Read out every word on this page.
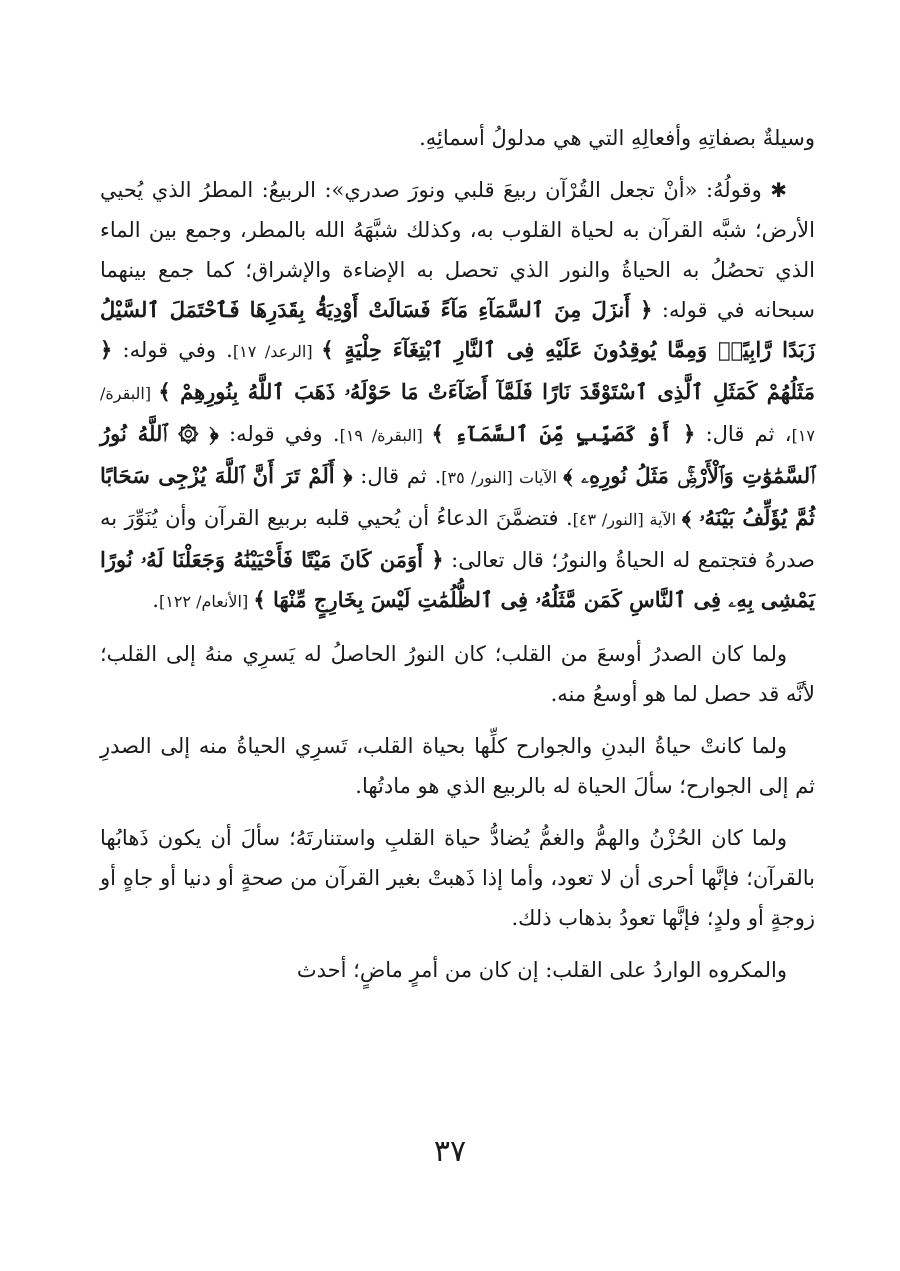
وسيلةٌ بصفاتِهِ وأفعالِهِ التي هي مدلولُ أسمائِهِ.

✱ وقولُهُ: «أنْ تجعل القُرْآن ربيعَ قلبي ونورَ صدري»: الربيعُ: المطرُ الذي يُحيي الأرض؛ شبَّه القرآن به لحياة القلوب به، وكذلك شبَّهَهُ الله بالمطر، وجمع بين الماء الذي تحصُلُ به الحياةُ والنور الذي تحصل به الإضاءة والإشراق؛ كما جمع بينهما سبحانه في قوله: ﴿ أَنزَلَ مِنَ ٱلسَّمَآءِ مَآءً فَسَالَتْ أَوْدِيَةُۢ بِقَدَرِهَا فَٱحْتَمَلَ ٱلسَّيْلُ زَبَدًا رَّابِيًاۚ وَمِمَّا يُوقِدُونَ عَلَيْهِ فِى ٱلنَّارِ ٱبْتِغَآءَ حِلْيَةٍ ﴾ [الرعد/ ١٧]. وفي قوله: ﴿ مَثَلُهُمْ كَمَثَلِ ٱلَّذِى ٱسْتَوْقَدَ نَارًا فَلَمَّآ أَضَآءَتْ مَا حَوْلَهُۥ ذَهَبَ ٱللَّهُ بِنُورِهِمْ ﴾ [البقرة/ ١٧]، ثم قال: ﴿ أَوْ كَصَيِّبٍ مِّنَ ٱلسَّمَآءِ ﴾ [البقرة/ ١٩]. وفي قوله: ﴿ ۞ ٱللَّهُ نُورُ ٱلسَّمَٰوَٰتِ وَٱلْأَرْضِۚ مَثَلُ نُورِهِۦ ﴾ الآيات [النور/ ٣٥]. ثم قال: ﴿ أَلَمْ تَرَ أَنَّ ٱللَّهَ يُزْجِى سَحَابًا ثُمَّ يُؤَلِّفُ بَيْنَهُۥ ﴾ الآية [النور/ ٤٣]. فتضمَّنَ الدعاءُ أن يُحيي قلبه بربيع القرآن وأن يُنَوِّرَ به صدرهُ فتجتمع له الحياةُ والنورُ؛ قال تعالى: ﴿ أَوَمَن كَانَ مَيْتًا فَأَحْيَيْنَٰهُ وَجَعَلْنَا لَهُۥ نُورًا يَمْشِى بِهِۦ فِى ٱلنَّاسِ كَمَن مَّثَلُهُۥ فِى ٱلظُّلُمَٰتِ لَيْسَ بِخَارِجٍ مِّنْهَا ﴾ [الأنعام/ ١٢٢].

ولما كان الصدرُ أوسعَ من القلب؛ كان النورُ الحاصلُ له يَسرِي منهُ إلى القلب؛ لأنَّه قد حصل لما هو أوسعُ منه.

ولما كانتْ حياةُ البدنِ والجوارح كلِّها بحياة القلب، تَسرِي الحياةُ منه إلى الصدرِ ثم إلى الجوارح؛ سألَ الحياة له بالربيع الذي هو مادتُها.

ولما كان الحُزْنُ والهمُّ والغمُّ يُضادُّ حياة القلبِ واستنارتَهُ؛ سألَ أن يكون ذَهابُها بالقرآن؛ فإنَّها أحرى أن لا تعود، وأما إذا ذَهبتْ بغير القرآن من صحةٍ أو دنيا أو جاهٍ أو زوجةٍ أو ولدٍ؛ فإنَّها تعودُ بذهاب ذلك.

والمكروه الواردُ على القلب: إن كان من أمرٍ ماضٍ؛ أحدث

٣٧
